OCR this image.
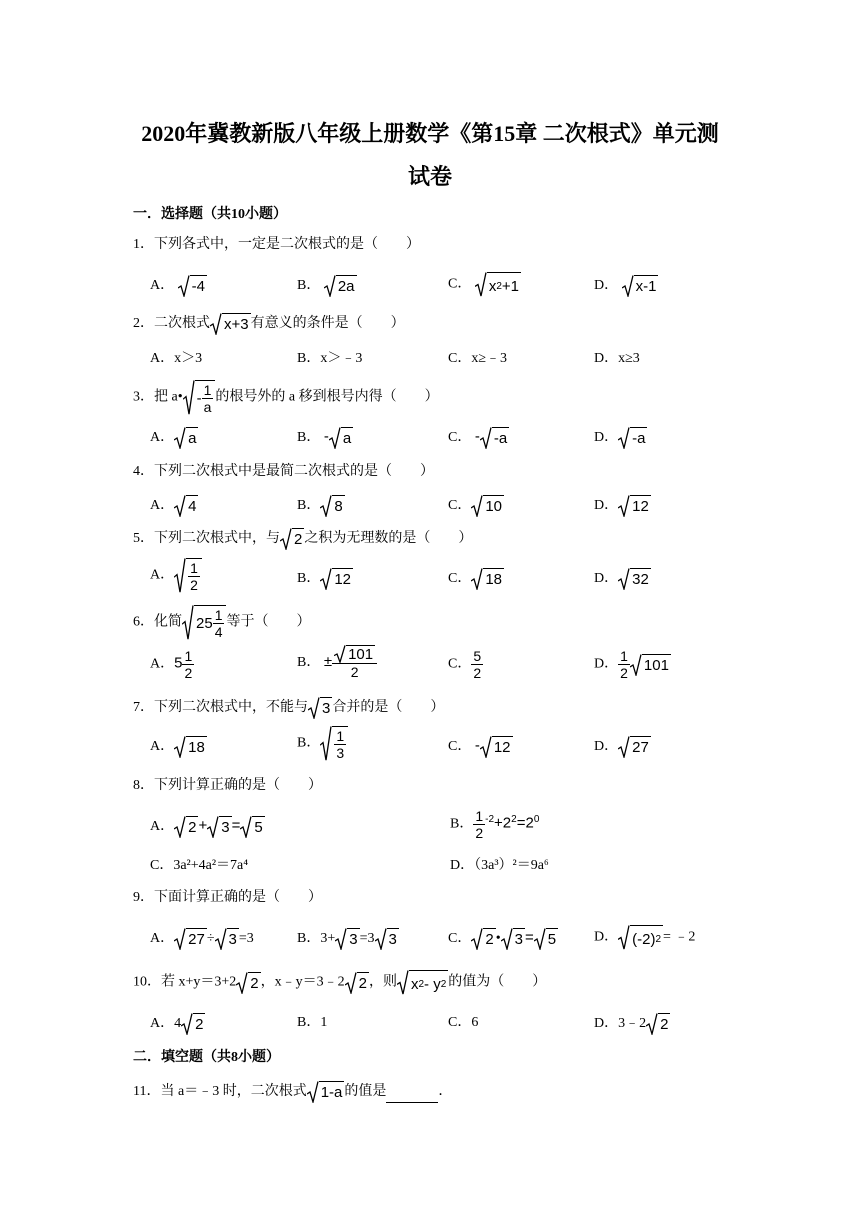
2020年冀教新版八年级上册数学《第15章 二次根式》单元测
试卷
一．选择题（共10小题）
1．下列各式中，一定是二次根式的是（　　）
A． -4	B． 2a	C． x 2 +1	D． x-1
2．二次根式 x+3 有意义的条件是（　　）
A．x＞3	B．x＞﹣3	C．x≥﹣3	D．x≥3
3．把 a• - $\frac{1}{a}$ 的根号外的 a 移到根号内得（　　）
A． a	B． - a	C． - -a	D． -a
4．下列二次根式中是最简二次根式的是（　　）
A． 4	B． 8	C． 10	D． 12
5．下列二次根式中，与 2 之积为无理数的是（　　）
A． $\frac{1}{2}$	B． 12	C． 18	D． 32
6．化简 $25 \frac{1}{4}$ 等于（　　）
A．$5 \frac{1}{2}$	B． ± $\frac{101}{2}$	C． $\frac{5}{2}$	D． $\frac{1}{2} 101$
7．下列二次根式中，不能与 3 合并的是（　　）
A． 18	B． $\frac{1}{3}$	C． - 12	D． 27
8．下列计算正确的是（　　）
A． 2 + 3 = 5	B． $\frac{1}{2} ^{-2}+2^2=2^0$
C．3a²+4a²＝7a⁴	D．（3a³）²＝9a⁶
9．下面计算正确的是（　　）
A． 27 ÷ 3 =3	B．3+ 3 =3 3	C． 2 • 3 = 5	D． (-2) 2 = ﹣2
10．若 x+y＝3+2 2 ，x﹣y＝3﹣2 2 ，则 x 2 - y 2 的值为（　　）
A．4 2	B．1	C．6	D．3﹣2 2
二．填空题（共8小题）
11．当 a＝﹣3 时，二次根式 1-a 的值是	．
